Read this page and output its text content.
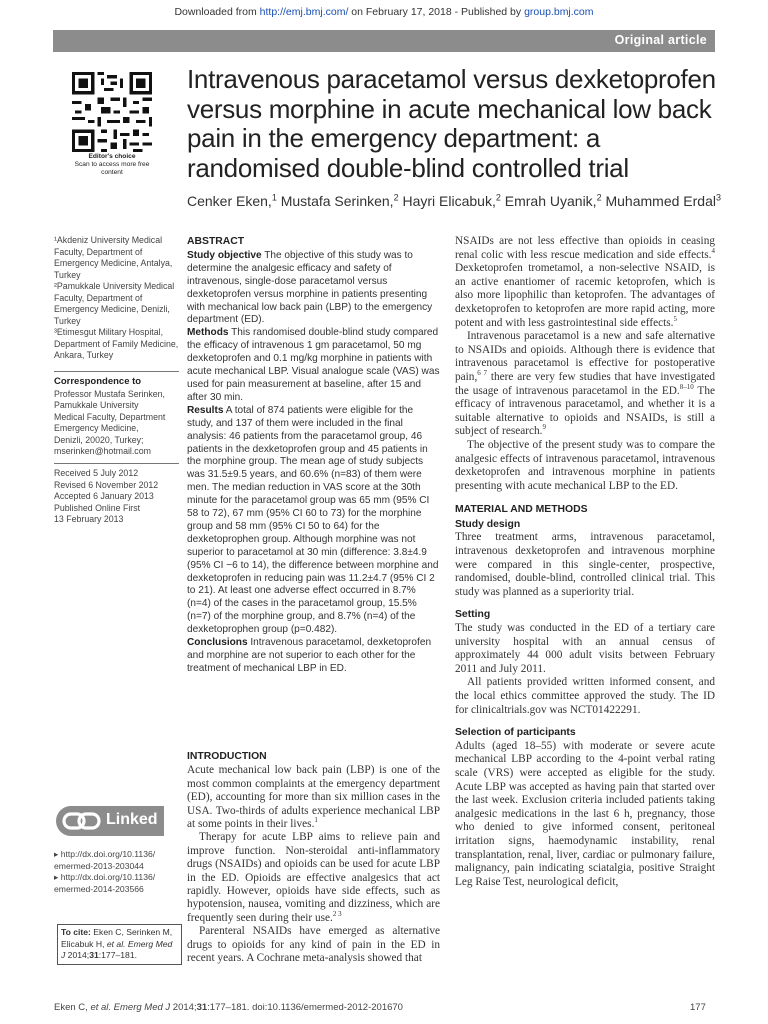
Downloaded from http://emj.bmj.com/ on February 17, 2018 - Published by group.bmj.com
Original article
Editor's choice
Scan to access more free content
Intravenous paracetamol versus dexketoprofen versus morphine in acute mechanical low back pain in the emergency department: a randomised double-blind controlled trial
Cenker Eken,$^1$ Mustafa Serinken,$^2$ Hayri Elicabuk,$^2$ Emrah Uyanik,$^2$ Muhammed Erdal$^3$
¹Akdeniz University Medical Faculty, Department of Emergency Medicine, Antalya, Turkey
²Pamukkale University Medical Faculty, Department of Emergency Medicine, Denizli, Turkey
³Etimesgut Military Hospital, Department of Family Medicine, Ankara, Turkey
Correspondence to
Professor Mustafa Serinken,
Pamukkale University
Medical Faculty, Department
Emergency Medicine,
Denizli, 20020, Turkey;
mserinken@hotmail.com
Received 5 July 2012
Revised 6 November 2012
Accepted 6 January 2013
Published Online First
13 February 2013
Linked
▸ http://dx.doi.org/10.1136/
emermed-2013-203044
▸ http://dx.doi.org/10.1136/
emermed-2014-203566
To cite: Eken C, Serinken M, Elicabuk H, et al. Emerg Med J 2014;31:177–181.
ABSTRACT

Study objective The objective of this study was to determine the analgesic efficacy and safety of intravenous, single-dose paracetamol versus dexketoprofen versus morphine in patients presenting with mechanical low back pain (LBP) to the emergency department (ED).

Methods This randomised double-blind study compared the efficacy of intravenous 1 gm paracetamol, 50 mg dexketoprofen and 0.1 mg/kg morphine in patients with acute mechanical LBP. Visual analogue scale (VAS) was used for pain measurement at baseline, after 15 and after 30 min.

Results A total of 874 patients were eligible for the study, and 137 of them were included in the final analysis: 46 patients from the paracetamol group, 46 patients in the dexketoprofen group and 45 patients in the morphine group. The mean age of study subjects was 31.5±9.5 years, and 60.6% (n=83) of them were men. The median reduction in VAS score at the 30th minute for the paracetamol group was 65 mm (95% CI 58 to 72), 67 mm (95% CI 60 to 73) for the morphine group and 58 mm (95% CI 50 to 64) for the dexketoprophen group. Although morphine was not superior to paracetamol at 30 min (difference: 3.8±4.9 (95% CI −6 to 14), the difference between morphine and dexketoprofen in reducing pain was 11.2±4.7 (95% CI 2 to 21). At least one adverse effect occurred in 8.7% (n=4) of the cases in the paracetamol group, 15.5% (n=7) of the morphine group, and 8.7% (n=4) of the dexketoprophen group (p=0.482).

Conclusions Intravenous paracetamol, dexketoprofen and morphine are not superior to each other for the treatment of mechanical LBP in ED.

INTRODUCTION

Acute mechanical low back pain (LBP) is one of the most common complaints at the emergency department (ED), accounting for more than six million cases in the USA. Two-thirds of adults experience mechanical LBP at some points in their lives.$^1$

Therapy for acute LBP aims to relieve pain and improve function. Non-steroidal anti-inflammatory drugs (NSAIDs) and opioids can be used for acute LBP in the ED. Opioids are effective analgesics that act rapidly. However, opioids have side effects, such as hypotension, nausea, vomiting and dizziness, which are frequently seen during their use.$^{2 3}$

Parenteral NSAIDs have emerged as alternative drugs to opioids for any kind of pain in the ED in recent years. A Cochrane meta-analysis showed that

NSAIDs are not less effective than opioids in ceasing renal colic with less rescue medication and side effects.$^4$ Dexketoprofen trometamol, a non-selective NSAID, is an active enantiomer of racemic ketoprofen, which is also more lipophilic than ketoprofen. The advantages of dexketoprofen to ketoprofen are more rapid acting, more potent and with less gastrointestinal side effects.$^5$

Intravenous paracetamol is a new and safe alternative to NSAIDs and opioids. Although there is evidence that intravenous paracetamol is effective for postoperative pain,$^{6 7}$ there are very few studies that have investigated the usage of intravenous paracetamol in the ED.$^{8-10}$ The efficacy of intravenous paracetamol, and whether it is a suitable alternative to opioids and NSAIDs, is still a subject of research.$^9$

The objective of the present study was to compare the analgesic effects of intravenous paracetamol, intravenous dexketoprofen and intravenous morphine in patients presenting with acute mechanical LBP to the ED.

MATERIAL AND METHODS
Study design

Three treatment arms, intravenous paracetamol, intravenous dexketoprofen and intravenous morphine were compared in this single-center, prospective, randomised, double-blind, controlled clinical trial. This study was planned as a superiority trial.

Setting

The study was conducted in the ED of a tertiary care university hospital with an annual census of approximately 44 000 adult visits between February 2011 and July 2011.

All patients provided written informed consent, and the local ethics committee approved the study. The ID for clinicaltrials.gov was NCT01422291.

Selection of participants

Adults (aged 18–55) with moderate or severe acute mechanical LBP according to the 4-point verbal rating scale (VRS) were accepted as eligible for the study. Acute LBP was accepted as having pain that started over the last week. Exclusion criteria included patients taking analgesic medications in the last 6 h, pregnancy, those who denied to give informed consent, peritoneal irritation signs, haemodynamic instability, renal transplantation, renal, liver, cardiac or pulmonary failure, malignancy, pain indicating sciatalgia, positive Straight Leg Raise Test, neurological deficit,

Eken C, et al. Emerg Med J 2014;31:177–181. doi:10.1136/emermed-2012-201670	177
